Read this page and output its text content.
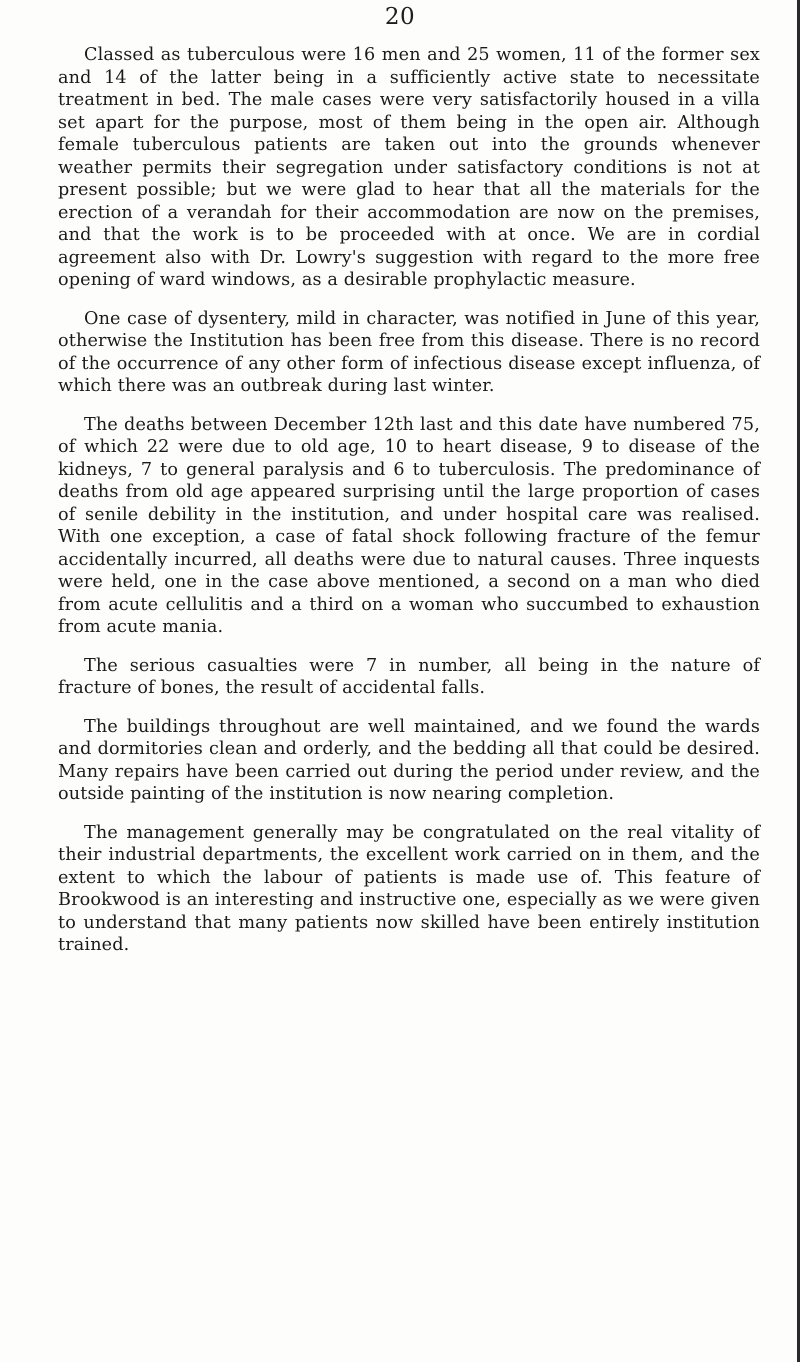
20

Classed as tuberculous were 16 men and 25 women, 11 of the former sex and 14 of the latter being in a sufficiently active state to necessitate treatment in bed. The male cases were very satisfactorily housed in a villa set apart for the purpose, most of them being in the open air. Although female tuberculous patients are taken out into the grounds whenever weather permits their segregation under satisfactory conditions is not at present possible; but we were glad to hear that all the materials for the erection of a verandah for their accommodation are now on the premises, and that the work is to be proceeded with at once. We are in cordial agreement also with Dr. Lowry's suggestion with regard to the more free opening of ward windows, as a desirable prophylactic measure.

One case of dysentery, mild in character, was notified in June of this year, otherwise the Institution has been free from this disease. There is no record of the occurrence of any other form of infectious disease except influenza, of which there was an outbreak during last winter.

The deaths between December 12th last and this date have numbered 75, of which 22 were due to old age, 10 to heart disease, 9 to disease of the kidneys, 7 to general paralysis and 6 to tuberculosis. The predominance of deaths from old age appeared surprising until the large proportion of cases of senile debility in the institution, and under hospital care was realised. With one exception, a case of fatal shock following fracture of the femur accidentally incurred, all deaths were due to natural causes. Three inquests were held, one in the case above mentioned, a second on a man who died from acute cellulitis and a third on a woman who succumbed to exhaustion from acute mania.

The serious casualties were 7 in number, all being in the nature of fracture of bones, the result of accidental falls.

The buildings throughout are well maintained, and we found the wards and dormitories clean and orderly, and the bedding all that could be desired. Many repairs have been carried out during the period under review, and the outside painting of the institution is now nearing completion.

The management generally may be congratulated on the real vitality of their industrial departments, the excellent work carried on in them, and the extent to which the labour of patients is made use of. This feature of Brookwood is an interesting and instructive one, especially as we were given to understand that many patients now skilled have been entirely institution trained.
